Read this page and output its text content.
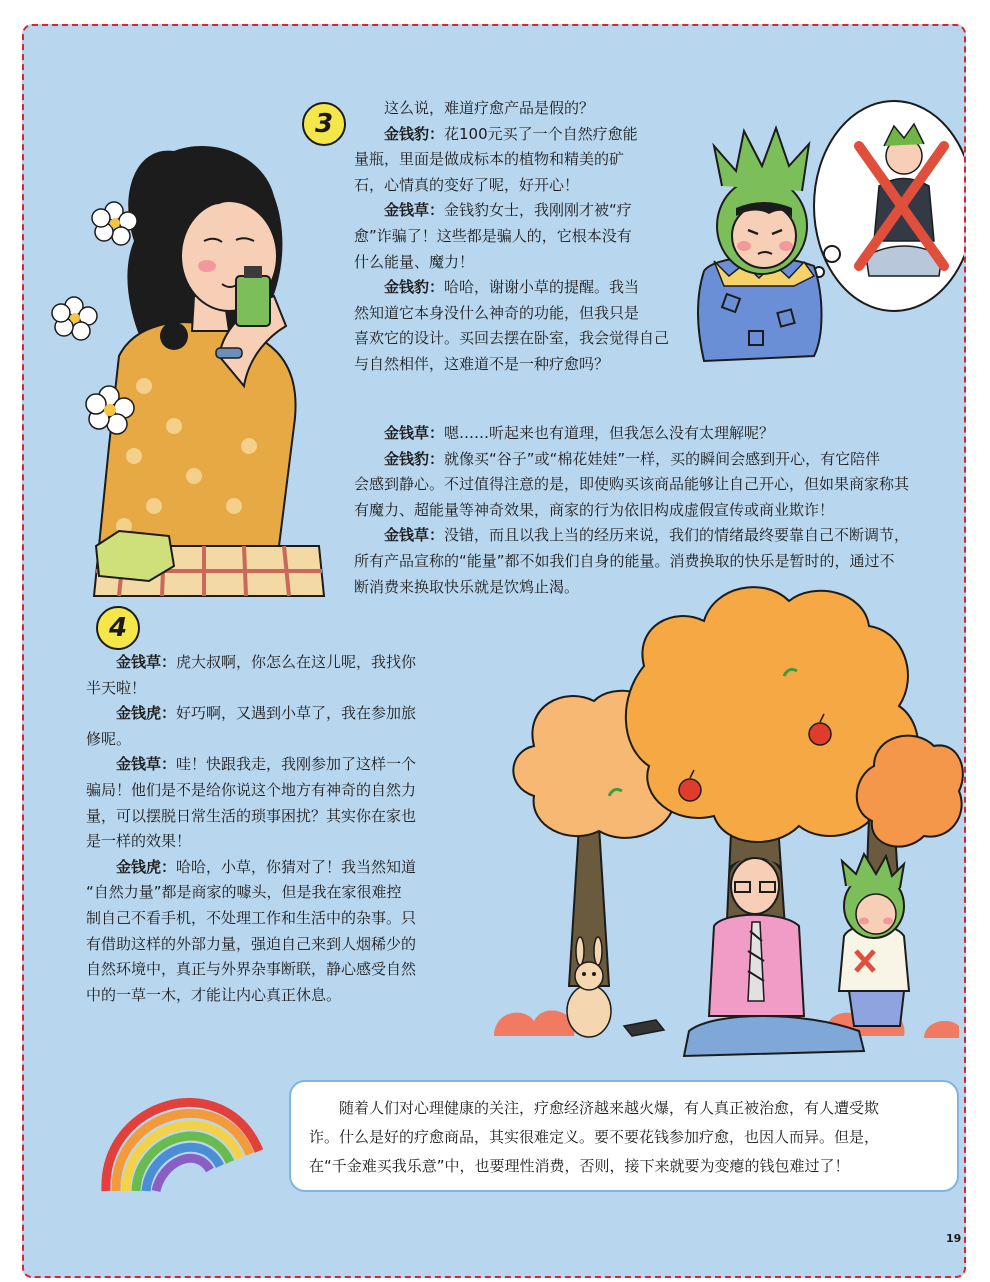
3

这么说，难道疗愈产品是假的？

金钱豹：花100元买了一个自然疗愈能

量瓶，里面是做成标本的植物和精美的矿

石，心情真的变好了呢，好开心！

金钱草：金钱豹女士，我刚刚才被“疗

愈”诈骗了！这些都是骗人的，它根本没有

什么能量、魔力！

金钱豹：哈哈，谢谢小草的提醒。我当

然知道它本身没什么神奇的功能，但我只是

喜欢它的设计。买回去摆在卧室，我会觉得自己

与自然相伴，这难道不是一种疗愈吗？

金钱草：嗯……听起来也有道理，但我怎么没有太理解呢？

金钱豹：就像买“谷子”或“棉花娃娃”一样，买的瞬间会感到开心，有它陪伴

会感到静心。不过值得注意的是，即使购买该商品能够让自己开心，但如果商家称其

有魔力、超能量等神奇效果，商家的行为依旧构成虚假宣传或商业欺诈！

金钱草：没错，而且以我上当的经历来说，我们的情绪最终要靠自己不断调节，

所有产品宣称的“能量”都不如我们自身的能量。消费换取的快乐是暂时的，通过不

断消费来换取快乐就是饮鸩止渴。

4

金钱草：虎大叔啊，你怎么在这儿呢，我找你

半天啦！

金钱虎：好巧啊，又遇到小草了，我在参加旅

修呢。

金钱草：哇！快跟我走，我刚参加了这样一个

骗局！他们是不是给你说这个地方有神奇的自然力

量，可以摆脱日常生活的琐事困扰？其实你在家也

是一样的效果！

金钱虎：哈哈，小草，你猜对了！我当然知道

“自然力量”都是商家的噱头，但是我在家很难控

制自己不看手机，不处理工作和生活中的杂事。只

有借助这样的外部力量，强迫自己来到人烟稀少的

自然环境中，真正与外界杂事断联，静心感受自然

中的一草一木，才能让内心真正休息。

随着人们对心理健康的关注，疗愈经济越来越火爆，有人真正被治愈，有人遭受欺

诈。什么是好的疗愈商品，其实很难定义。要不要花钱参加疗愈，也因人而异。但是，

在“千金难买我乐意”中，也要理性消费，否则，接下来就要为变瘪的钱包难过了！

19
